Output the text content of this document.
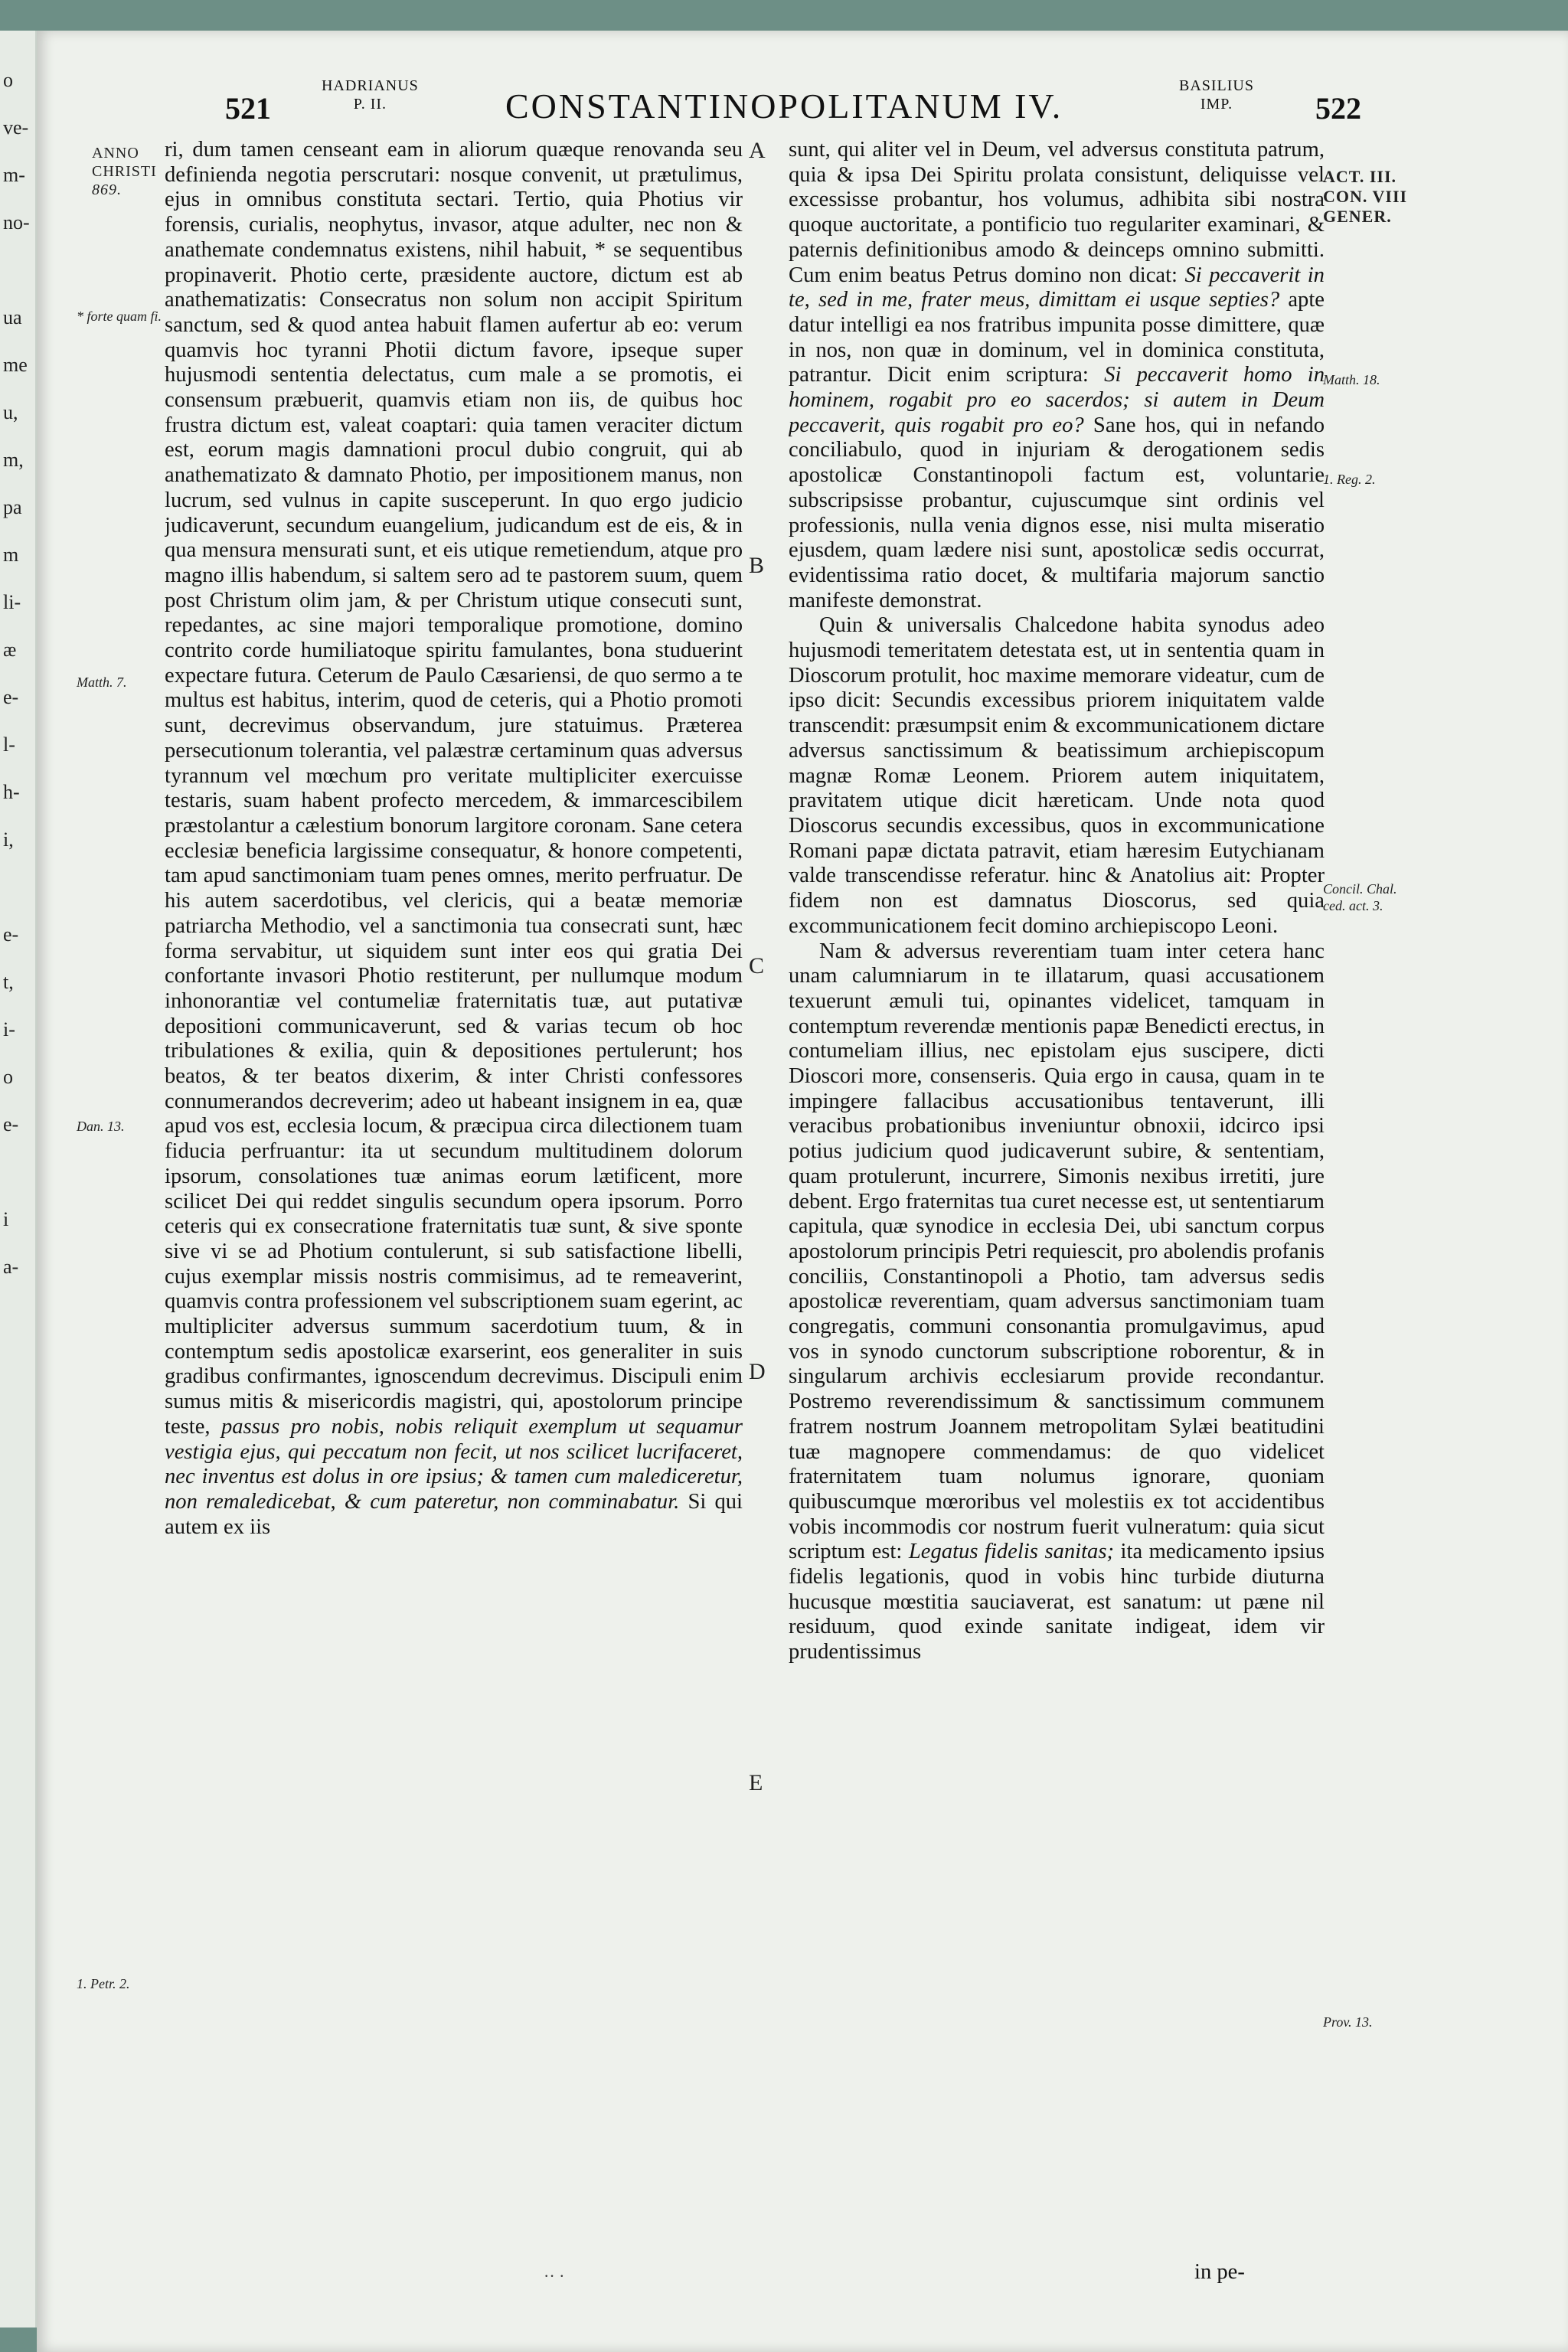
o
ve-
m-
no-
ua
me
u,
m,
pa
m
li-
æ
e-
l-
h-
i,
e-
t,
i-
o
e-
i
a-
521
HADRIANUS
P. II.	CONSTANTINOPOLITANUM IV.
BASILIUS
IMP.	522
ANNO
CHRISTI
869.
* forte quam fi.
Matth. 7.
Dan. 13.
1. Petr. 2.

ri, dum tamen censeant eam in aliorum quæque renovanda seu definienda negotia perscrutari: nosque convenit, ut prætulimus, ejus in omnibus constituta sectari. Tertio, quia Photius vir forensis, curialis, neophytus, invasor, atque adulter, nec non & anathemate condemnatus existens, nihil habuit, * se sequentibus propinaverit. Photio certe, præsidente auctore, dictum est ab anathematizatis: Consecratus non solum non accipit Spiritum sanctum, sed & quod antea habuit flamen aufertur ab eo: verum quamvis hoc tyranni Photii dictum favore, ipseque super hujusmodi sententia delectatus, cum male a se promotis, ei consensum præbuerit, quamvis etiam non iis, de quibus hoc frustra dictum est, valeat coaptari: quia tamen veraciter dictum est, eorum magis damnationi procul dubio congruit, qui ab anathematizato & damnato Photio, per impositionem manus, non lucrum, sed vulnus in capite susceperunt. In quo ergo judicio judicaverunt, secundum euangelium, judicandum est de eis, & in qua mensura mensurati sunt, et eis utique remetiendum, atque pro magno illis habendum, si saltem sero ad te pastorem suum, quem post Christum olim jam, & per Christum utique consecuti sunt, repedantes, ac sine majori temporalique promotione, domino contrito corde humiliatoque spiritu famulantes, bona studuerint expectare futura. Ceterum de Paulo Cæsariensi, de quo sermo a te multus est habitus, interim, quod de ceteris, qui a Photio promoti sunt, decrevimus observandum, jure statuimus. Præterea persecutionum tolerantia, vel palæstræ certaminum quas adversus tyrannum vel mœchum pro veritate multipliciter exercuisse testaris, suam habent profecto mercedem, & immarcescibilem præstolantur a cælestium bonorum largitore coronam. Sane cetera ecclesiæ beneficia largissime consequatur, & honore competenti, tam apud sanctimoniam tuam penes omnes, merito perfruatur. De his autem sacerdotibus, vel clericis, qui a beatæ memoriæ patriarcha Methodio, vel a sanctimonia tua consecrati sunt, hæc forma servabitur, ut siquidem sunt inter eos qui gratia Dei confortante invasori Photio restiterunt, per nullumque modum inhonorantiæ vel contumeliæ fraternitatis tuæ, aut putativæ depositioni communicaverunt, sed & varias tecum ob hoc tribulationes & exilia, quin & depositiones pertulerunt; hos beatos, & ter beatos dixerim, & inter Christi confessores connumerandos decreverim; adeo ut habeant insignem in ea, quæ apud vos est, ecclesia locum, & præcipua circa dilectionem tuam fiducia perfruantur: ita ut secundum multitudinem dolorum ipsorum, consolationes tuæ animas eorum lætificent, more scilicet Dei qui reddet singulis secundum opera ipsorum. Porro ceteris qui ex consecratione fraternitatis tuæ sunt, & sive sponte sive vi se ad Photium contulerunt, si sub satisfactione libelli, cujus exemplar missis nostris commisimus, ad te remeaverint, quamvis contra professionem vel subscriptionem suam egerint, ac multipliciter adversus summum sacerdotium tuum, & in contemptum sedis apostolicæ exarserint, eos generaliter in suis gradibus confirmantes, ignoscendum decrevimus. Discipuli enim sumus mitis & misericordis magistri, qui, apostolorum principe teste, passus pro nobis, nobis reliquit exemplum ut sequamur vestigia ejus, qui peccatum non fecit, ut nos scilicet lucrifaceret, nec inventus est dolus in ore ipsius; & tamen cum malediceretur, non remaledicebat, & cum pateretur, non comminabatur. Si qui autem ex iis

A
B
C
D
E

sunt, qui aliter vel in Deum, vel adversus constituta patrum, quia & ipsa Dei Spiritu prolata consistunt, deliquisse vel excessisse probantur, hos volumus, adhibita sibi nostra quoque auctoritate, a pontificio tuo regulariter examinari, & paternis definitionibus amodo & deinceps omnino submitti. Cum enim beatus Petrus domino non dicat: Si peccaverit in te, sed in me, frater meus, dimittam ei usque septies? apte datur intelligi ea nos fratribus impunita posse dimittere, quæ in nos, non quæ in dominum, vel in dominica constituta, patrantur. Dicit enim scriptura: Si peccaverit homo in hominem, rogabit pro eo sacerdos; si autem in Deum peccaverit, quis rogabit pro eo? Sane hos, qui in nefando conciliabulo, quod in injuriam & derogationem sedis apostolicæ Constantinopoli factum est, voluntarie subscripsisse probantur, cujuscumque sint ordinis vel professionis, nulla venia dignos esse, nisi multa miseratio ejusdem, quam lædere nisi sunt, apostolicæ sedis occurrat, evidentissima ratio docet, & multifaria majorum sanctio manifeste demonstrat.

Quin & universalis Chalcedone habita synodus adeo hujusmodi temeritatem detestata est, ut in sententia quam in Dioscorum protulit, hoc maxime memorare videatur, cum de ipso dicit: Secundis excessibus priorem iniquitatem valde transcendit: præsumpsit enim & excommunicationem dictare adversus sanctissimum & beatissimum archiepiscopum magnæ Romæ Leonem. Priorem autem iniquitatem, pravitatem utique dicit hæreticam. Unde nota quod Dioscorus secundis excessibus, quos in excommunicatione Romani papæ dictata patravit, etiam hæresim Eutychianam valde transcendisse referatur. hinc & Anatolius ait: Propter fidem non est damnatus Dioscorus, sed quia excommunicationem fecit domino archiepiscopo Leoni.

Nam & adversus reverentiam tuam inter cetera hanc unam calumniarum in te illatarum, quasi accusationem texuerunt æmuli tui, opinantes videlicet, tamquam in contemptum reverendæ mentionis papæ Benedicti erectus, in contumeliam illius, nec epistolam ejus suscipere, dicti Dioscori more, consenseris. Quia ergo in causa, quam in te impingere fallacibus accusationibus tentaverunt, illi veracibus probationibus inveniuntur obnoxii, idcirco ipsi potius judicium quod judicaverunt subire, & sententiam, quam protulerunt, incurrere, Simonis nexibus irretiti, jure debent. Ergo fraternitas tua curet necesse est, ut sententiarum capitula, quæ synodice in ecclesia Dei, ubi sanctum corpus apostolorum principis Petri requiescit, pro abolendis profanis conciliis, Constantinopoli a Photio, tam adversus sedis apostolicæ reverentiam, quam adversus sanctimoniam tuam congregatis, communi consonantia promulgavimus, apud vos in synodo cunctorum subscriptione roborentur, & in singularum archivis ecclesiarum provide recondantur. Postremo reverendissimum & sanctissimum communem fratrem nostrum Joannem metropolitam Sylæi beatitudini tuæ magnopere commendamus: de quo videlicet fraternitatem tuam nolumus ignorare, quoniam quibuscumque mœroribus vel molestiis ex tot accidentibus vobis incommodis cor nostrum fuerit vulneratum: quia sicut scriptum est: Legatus fidelis sanitas; ita medicamento ipsius fidelis legationis, quod in vobis hinc turbide diuturna hucusque mœstitia sauciaverat, est sanatum: ut pæne nil residuum, quod exinde sanitate indigeat, idem vir prudentissimus

ACT. III.
CON. VIII
GENER.
Matth. 18.
1. Reg. 2.
Concil. Chal. ced. act. 3.
Prov. 13.
·· ·	in pe-
